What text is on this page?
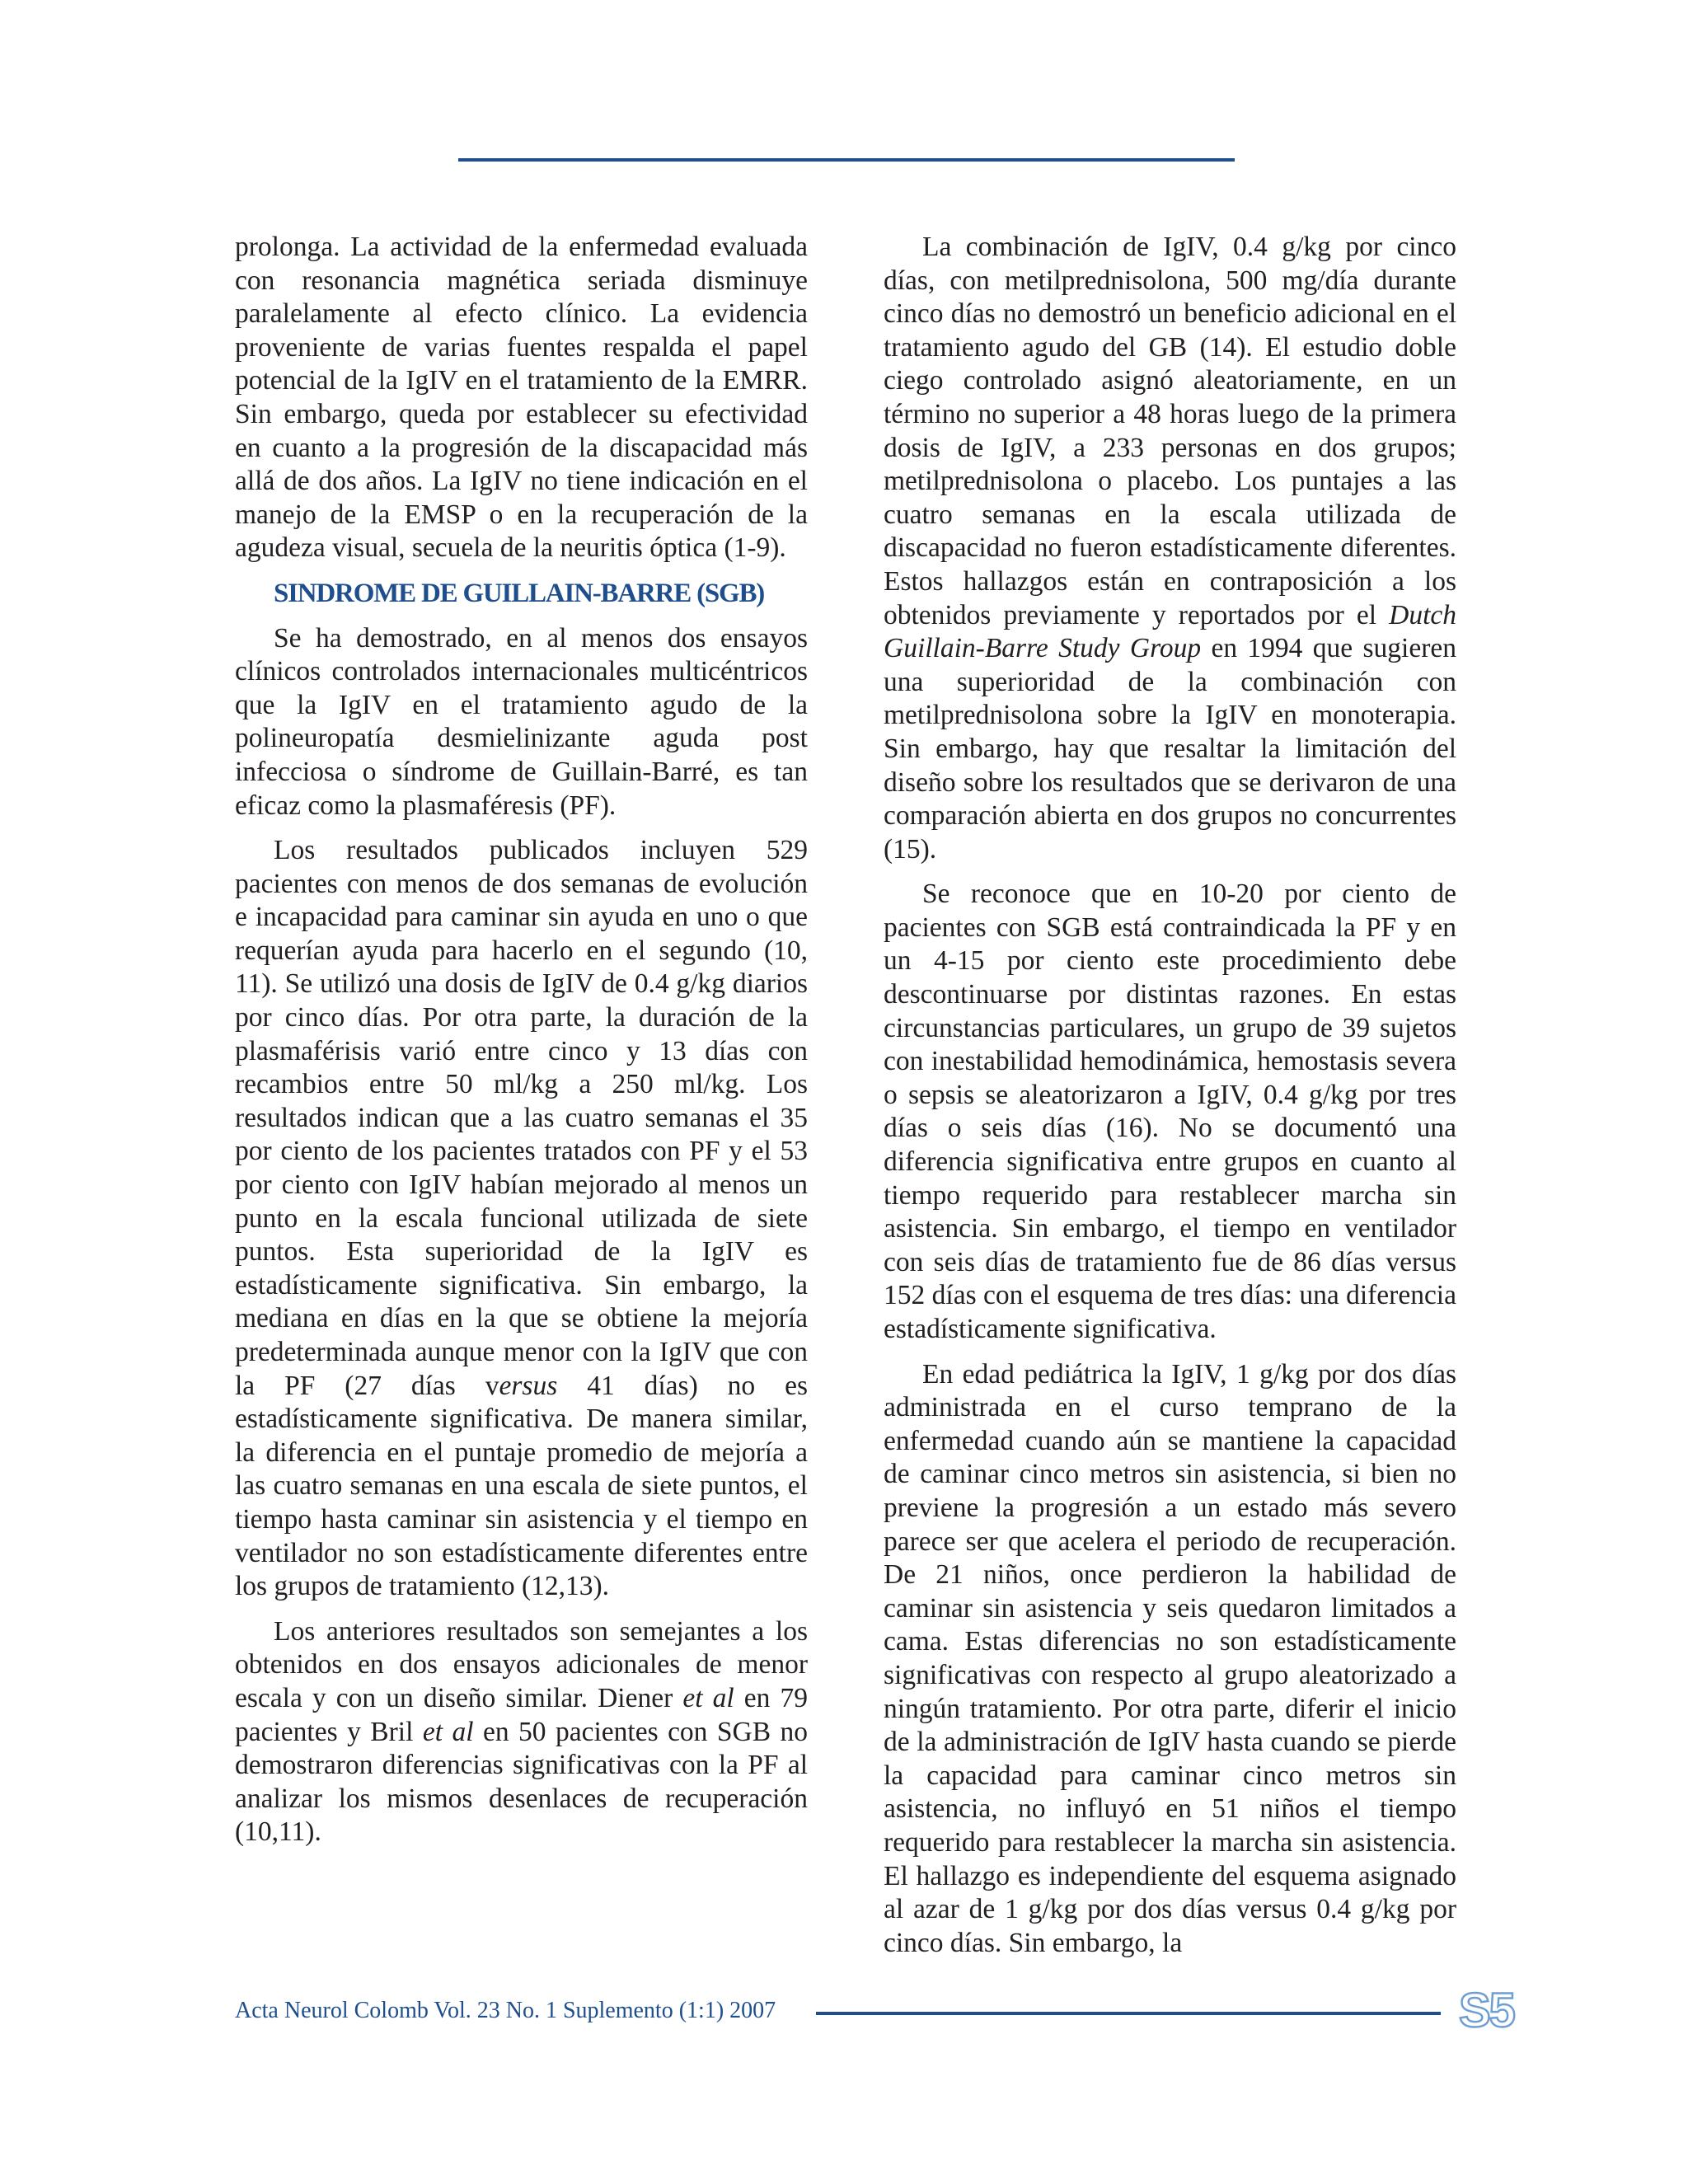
prolonga. La actividad de la enfermedad evaluada con resonancia magnética seriada disminuye paralelamente al efecto clínico. La evidencia proveniente de varias fuentes respalda el papel potencial de la IgIV en el tratamiento de la EMRR. Sin embargo, queda por establecer su efectividad en cuanto a la progresión de la discapacidad más allá de dos años. La IgIV no tiene indicación en el manejo de la EMSP o en la recuperación de la agudeza visual, secuela de la neuritis óptica (1-9).

SINDROME DE GUILLAIN-BARRE (SGB)

Se ha demostrado, en al menos dos ensayos clínicos controlados internacionales multicéntricos que la IgIV en el tratamiento agudo de la polineuropatía desmielinizante aguda post infecciosa o síndrome de Guillain-Barré, es tan eficaz como la plasmaféresis (PF).

Los resultados publicados incluyen 529 pacientes con menos de dos semanas de evolución e incapacidad para caminar sin ayuda en uno o que requerían ayuda para hacerlo en el segundo (10, 11). Se utilizó una dosis de IgIV de 0.4 g/kg diarios por cinco días. Por otra parte, la duración de la plasmaférisis varió entre cinco y 13 días con recambios entre 50 ml/kg a 250 ml/kg. Los resultados indican que a las cuatro semanas el 35 por ciento de los pacientes tratados con PF y el 53 por ciento con IgIV habían mejorado al menos un punto en la escala funcional utilizada de siete puntos. Esta superioridad de la IgIV es estadísticamente significativa. Sin embargo, la mediana en días en la que se obtiene la mejoría predeterminada aunque menor con la IgIV que con la PF (27 días versus 41 días) no es estadísticamente significativa. De manera similar, la diferencia en el puntaje promedio de mejoría a las cuatro semanas en una escala de siete puntos, el tiempo hasta caminar sin asistencia y el tiempo en ventilador no son estadísticamente diferentes entre los grupos de tratamiento (12,13).

Los anteriores resultados son semejantes a los obtenidos en dos ensayos adicionales de menor escala y con un diseño similar. Diener et al en 79 pacientes y Bril et al en 50 pacientes con SGB no demostraron diferencias significativas con la PF al analizar los mismos desenlaces de recuperación (10,11).

La combinación de IgIV, 0.4 g/kg por cinco días, con metilprednisolona, 500 mg/día durante cinco días no demostró un beneficio adicional en el tratamiento agudo del GB (14). El estudio doble ciego controlado asignó aleatoriamente, en un término no superior a 48 horas luego de la primera dosis de IgIV, a 233 personas en dos grupos; metilprednisolona o placebo. Los puntajes a las cuatro semanas en la escala utilizada de discapacidad no fueron estadísticamente diferentes. Estos hallazgos están en contraposición a los obtenidos previamente y reportados por el Dutch Guillain-Barre Study Group en 1994 que sugieren una superioridad de la combinación con metilprednisolona sobre la IgIV en monoterapia. Sin embargo, hay que resaltar la limitación del diseño sobre los resultados que se derivaron de una comparación abierta en dos grupos no concurrentes (15).

Se reconoce que en 10-20 por ciento de pacientes con SGB está contraindicada la PF y en un 4-15 por ciento este procedimiento debe descontinuarse por distintas razones. En estas circunstancias particulares, un grupo de 39 sujetos con inestabilidad hemodinámica, hemostasis severa o sepsis se aleatorizaron a IgIV, 0.4 g/kg por tres días o seis días (16). No se documentó una diferencia significativa entre grupos en cuanto al tiempo requerido para restablecer marcha sin asistencia. Sin embargo, el tiempo en ventilador con seis días de tratamiento fue de 86 días versus 152 días con el esquema de tres días: una diferencia estadísticamente significativa.

En edad pediátrica la IgIV, 1 g/kg por dos días administrada en el curso temprano de la enfermedad cuando aún se mantiene la capacidad de caminar cinco metros sin asistencia, si bien no previene la progresión a un estado más severo parece ser que acelera el periodo de recuperación. De 21 niños, once perdieron la habilidad de caminar sin asistencia y seis quedaron limitados a cama. Estas diferencias no son estadísticamente significativas con respecto al grupo aleatorizado a ningún tratamiento. Por otra parte, diferir el inicio de la administración de IgIV hasta cuando se pierde la capacidad para caminar cinco metros sin asistencia, no influyó en 51 niños el tiempo requerido para restablecer la marcha sin asistencia. El hallazgo es independiente del esquema asignado al azar de 1 g/kg por dos días versus 0.4 g/kg por cinco días. Sin embargo, la

Acta Neurol Colomb Vol. 23 No. 1 Suplemento (1:1) 2007	S5
